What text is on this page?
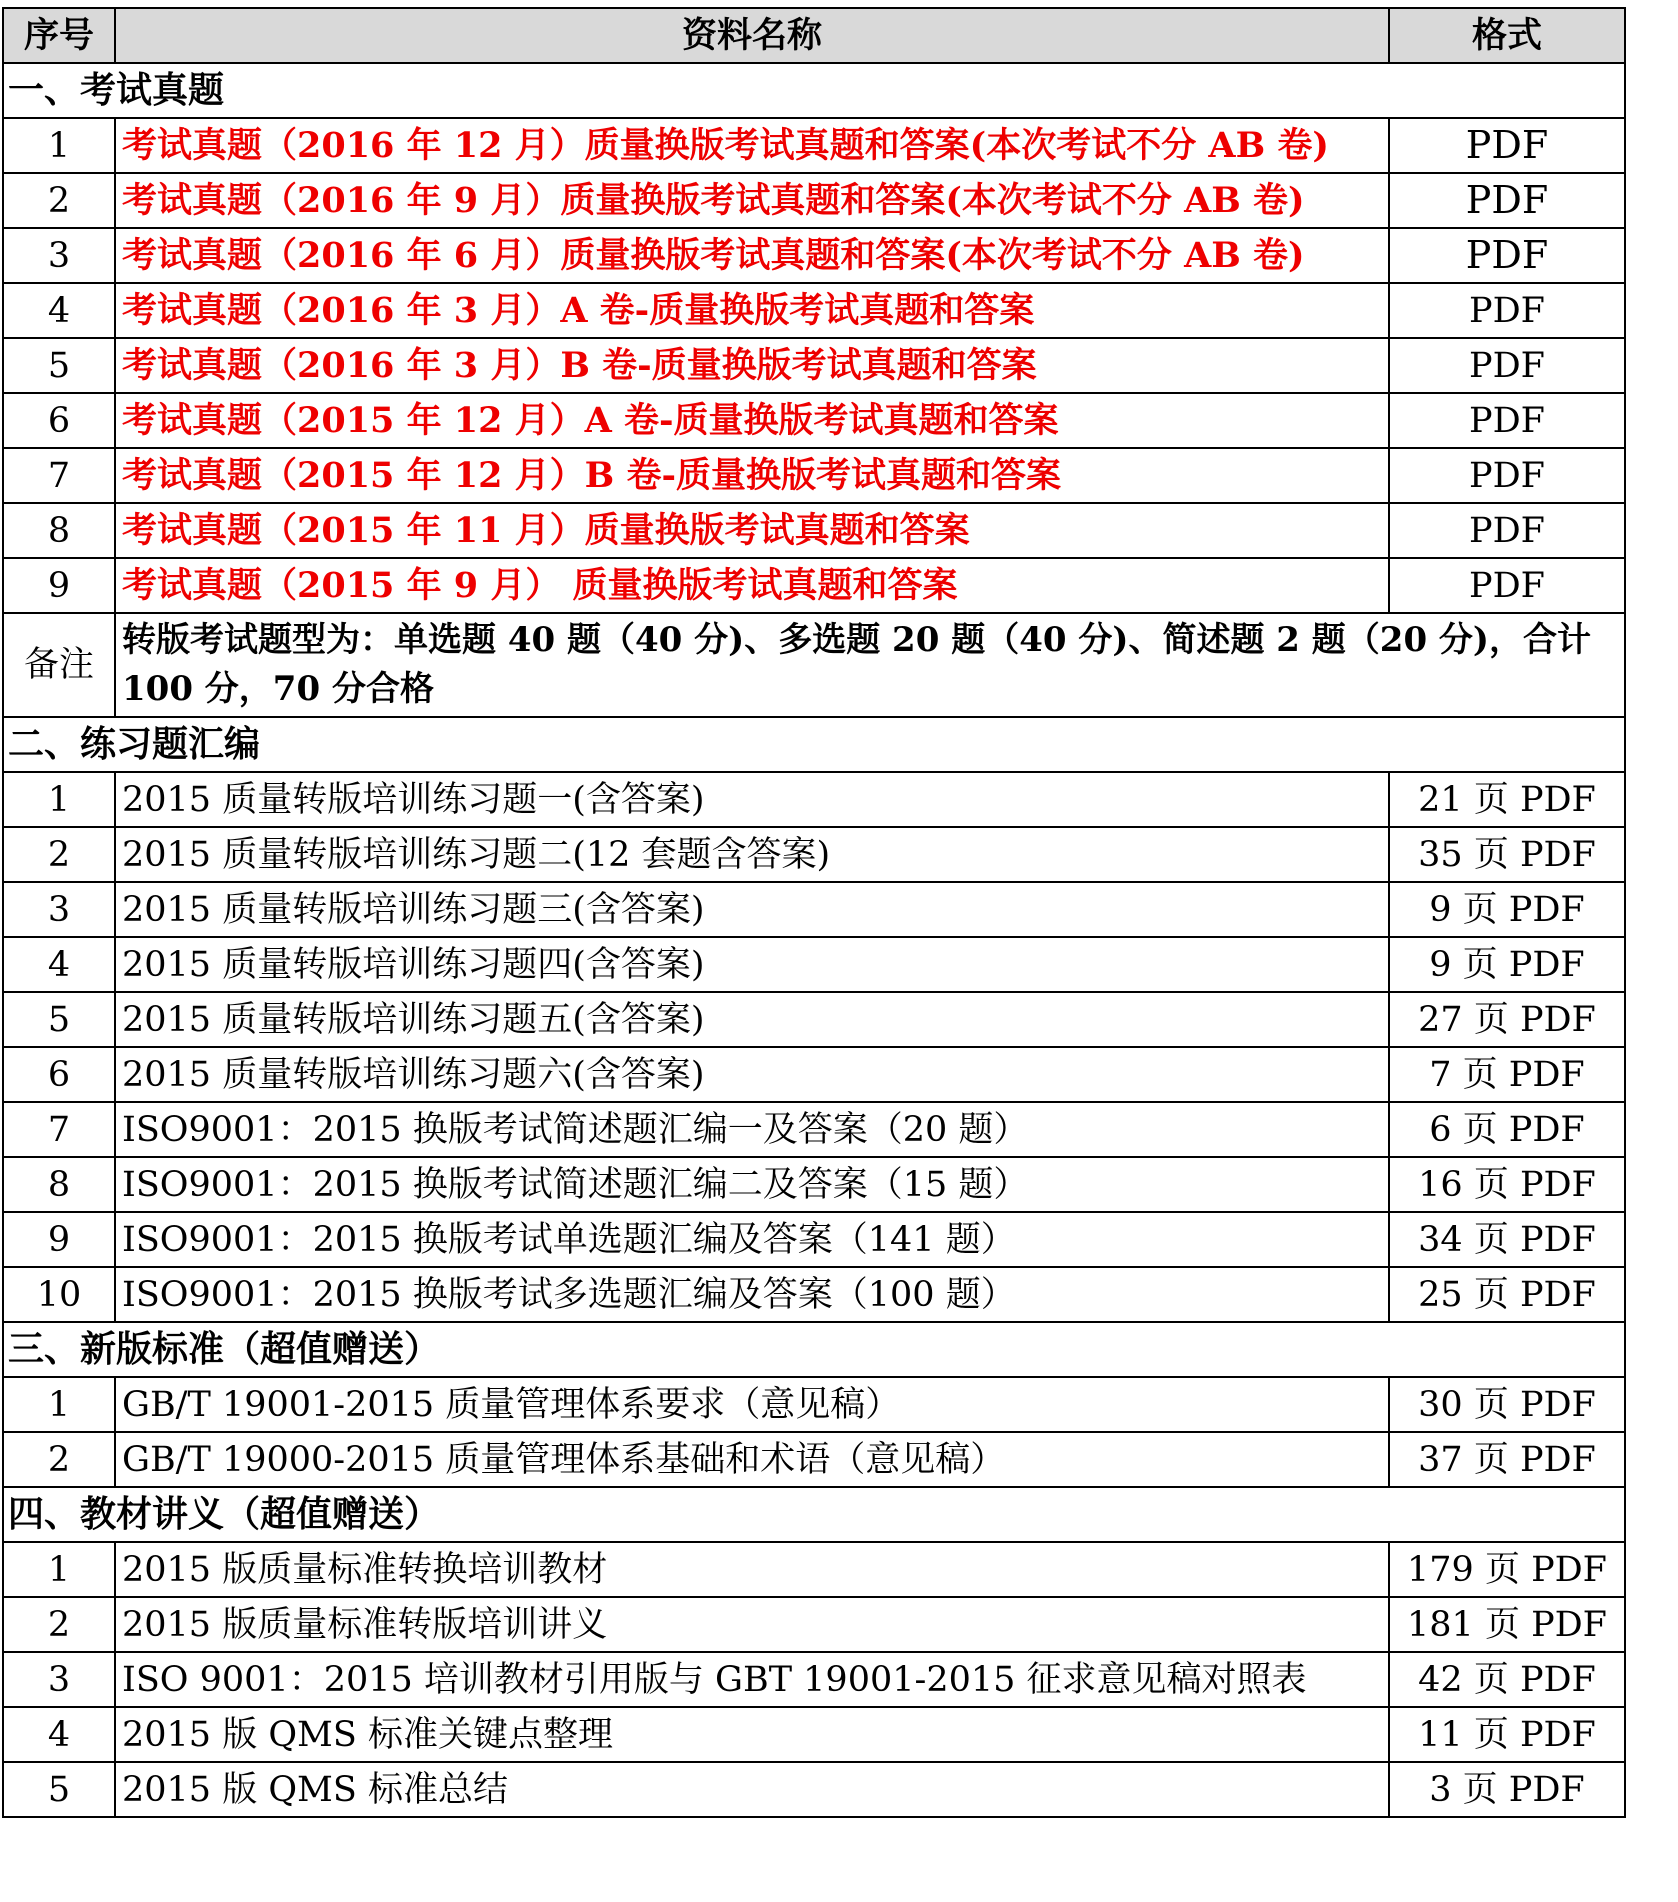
序号	资料名称	格式
一、考试真题		
1	考试真题（2016 年 12 月）质量换版考试真题和答案(本次考试不分 AB 卷)	PDF
2	考试真题（2016 年 9 月）质量换版考试真题和答案(本次考试不分 AB 卷)	PDF
3	考试真题（2016 年 6 月）质量换版考试真题和答案(本次考试不分 AB 卷)	PDF
4	考试真题（2016 年 3 月）A 卷-质量换版考试真题和答案	PDF
5	考试真题（2016 年 3 月）B 卷-质量换版考试真题和答案	PDF
6	考试真题（2015 年 12 月）A 卷-质量换版考试真题和答案	PDF
7	考试真题（2015 年 12 月）B 卷-质量换版考试真题和答案	PDF
8	考试真题（2015 年 11 月）质量换版考试真题和答案	PDF
9	考试真题（2015 年 9 月） 质量换版考试真题和答案	PDF
备注	转版考试题型为：单选题 40 题（40 分)、多选题 20 题（40 分)、简述题 2 题（20 分)，合计 100 分，70 分合格	
二、练习题汇编		
1	2015 质量转版培训练习题一(含答案)	21 页 PDF
2	2015 质量转版培训练习题二(12 套题含答案)	35 页 PDF
3	2015 质量转版培训练习题三(含答案)	9 页 PDF
4	2015 质量转版培训练习题四(含答案)	9 页 PDF
5	2015 质量转版培训练习题五(含答案)	27 页 PDF
6	2015 质量转版培训练习题六(含答案)	7 页 PDF
7	ISO9001：2015 换版考试简述题汇编一及答案（20 题）	6 页 PDF
8	ISO9001：2015 换版考试简述题汇编二及答案（15 题）	16 页 PDF
9	ISO9001：2015 换版考试单选题汇编及答案（141 题）	34 页 PDF
10	ISO9001：2015 换版考试多选题汇编及答案（100 题）	25 页 PDF
三、新版标准（超值赠送）		
1	GB/T 19001-2015 质量管理体系要求（意见稿）	30 页 PDF
2	GB/T 19000-2015 质量管理体系基础和术语（意见稿）	37 页 PDF
四、教材讲义（超值赠送）		
1	2015 版质量标准转换培训教材	179 页 PDF
2	2015 版质量标准转版培训讲义	181 页 PDF
3	ISO 9001：2015 培训教材引用版与 GBT 19001-2015 征求意见稿对照表	42 页 PDF
4	2015 版 QMS 标准关键点整理	11 页 PDF
5	2015 版 QMS 标准总结	3 页 PDF
